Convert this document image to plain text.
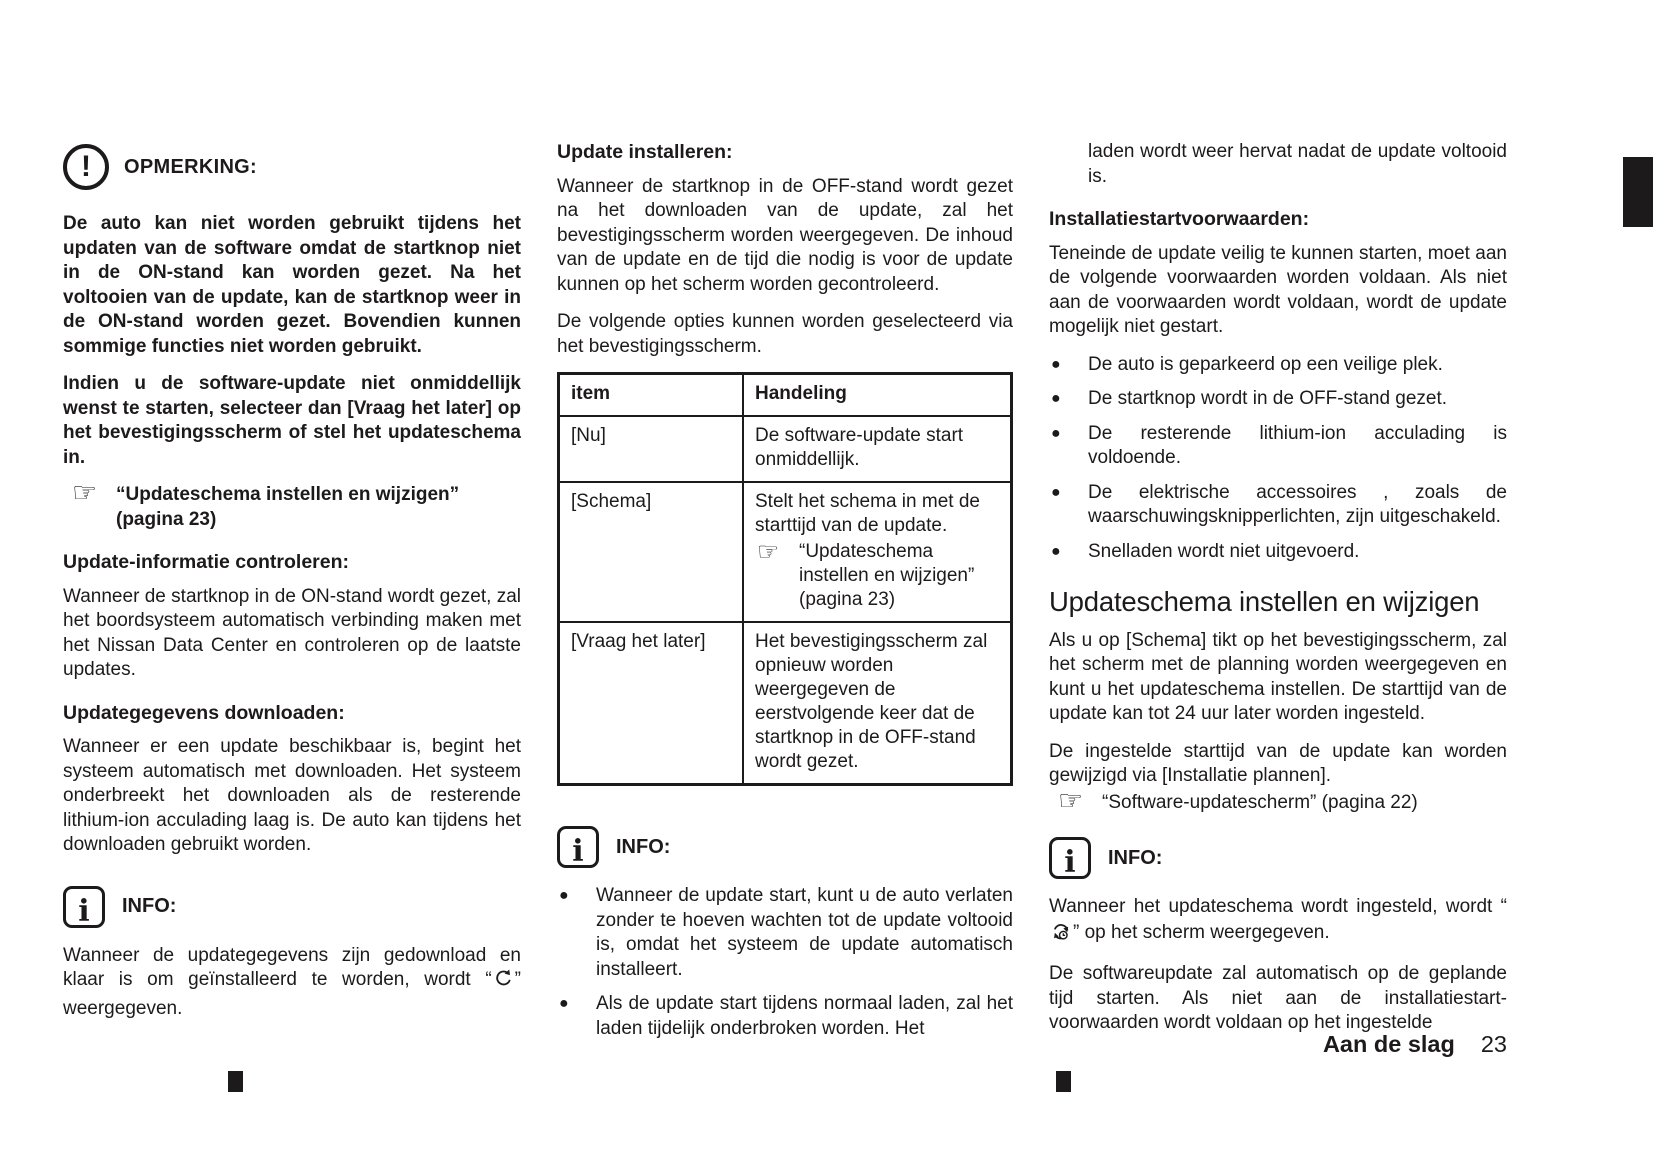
!	OPMERKING:

De auto kan niet worden gebruikt tijdens het updaten van de software omdat de startknop niet in de ON-stand kan worden gezet. Na het voltooien van de update, kan de startknop weer in de ON-stand worden gezet. Bovendien kunnen sommige functies niet worden gebruikt.

Indien u de software-update niet onmiddellijk wenst te starten, selecteer dan [Vraag het later] op het bevestigingsscherm of stel het updateschema in.

☞ “Updateschema instellen en wijzigen” (pagina 23)
Update-informatie controleren:

Wanneer de startknop in de ON-stand wordt gezet, zal het boordsysteem automatisch verbinding maken met het Nissan Data Center en controleren op de laatste updates.

Updategegevens downloaden:

Wanneer er een update beschikbaar is, begint het systeem automatisch met downloaden. Het systeem onderbreekt het downloaden als de resterende lithium-ion acculading laag is. De auto kan tijdens het downloaden gebruikt worden.

i INFO:

Wanneer de updategegevens zijn gedownload en klaar is om geïnstalleerd te worden, wordt “ ” weergegeven.

Update installeren:

Wanneer de startknop in de OFF-stand wordt gezet na het downloaden van de update, zal het bevestigingsscherm worden weergegeven. De inhoud van de update en de tijd die nodig is voor de update kunnen op het scherm worden gecontroleerd.

De volgende opties kunnen worden geselecteerd via het bevestigingsscherm.

item	Handeling
[Nu]	De software-update start onmiddellijk.
[Schema]	Stelt het schema in met de starttijd van de update.
☞ “Updateschema instellen en wijzigen” (pagina 23)

[Vraag het later]	Het bevestigingsscherm zal opnieuw worden weergegeven de eerstvolgende keer dat de startknop in de OFF-stand wordt gezet.
i INFO:
● Wanneer de update start, kunt u de auto verlaten zonder te hoeven wachten tot de update voltooid is, omdat het systeem de update automatisch installeert.
● Als de update start tijdens normaal laden, zal het laden tijdelijk onderbroken worden. Het

laden wordt weer hervat nadat de update voltooid is.

Installatiestartvoorwaarden:

Teneinde de update veilig te kunnen starten, moet aan de volgende voorwaarden worden voldaan. Als niet aan de voorwaarden wordt voldaan, wordt de update mogelijk niet gestart.

● De auto is geparkeerd op een veilige plek.
● De startknop wordt in de OFF-stand gezet.
● De resterende lithium-ion acculading is voldoende.
● De elektrische accessoires , zoals de waarschuwingsknipperlichten, zijn uitgeschakeld.
● Snelladen wordt niet uitgevoerd.
Updateschema instellen en wijzigen

Als u op [Schema] tikt op het bevestigingsscherm, zal het scherm met de planning worden weergegeven en kunt u het updateschema instellen. De starttijd van de update kan tot 24 uur later worden ingesteld.

De ingestelde starttijd van de update kan worden gewijzigd via [Installatie plannen].

☞ “Software-updatescherm” (pagina 22)
i INFO:

Wanneer het updateschema wordt ingesteld, wordt “” op het scherm weergegeven.

De softwareupdate zal automatisch op de geplande tijd starten. Als niet aan de installatiestart-voorwaarden wordt voldaan op het ingestelde

Aan de slag 23
